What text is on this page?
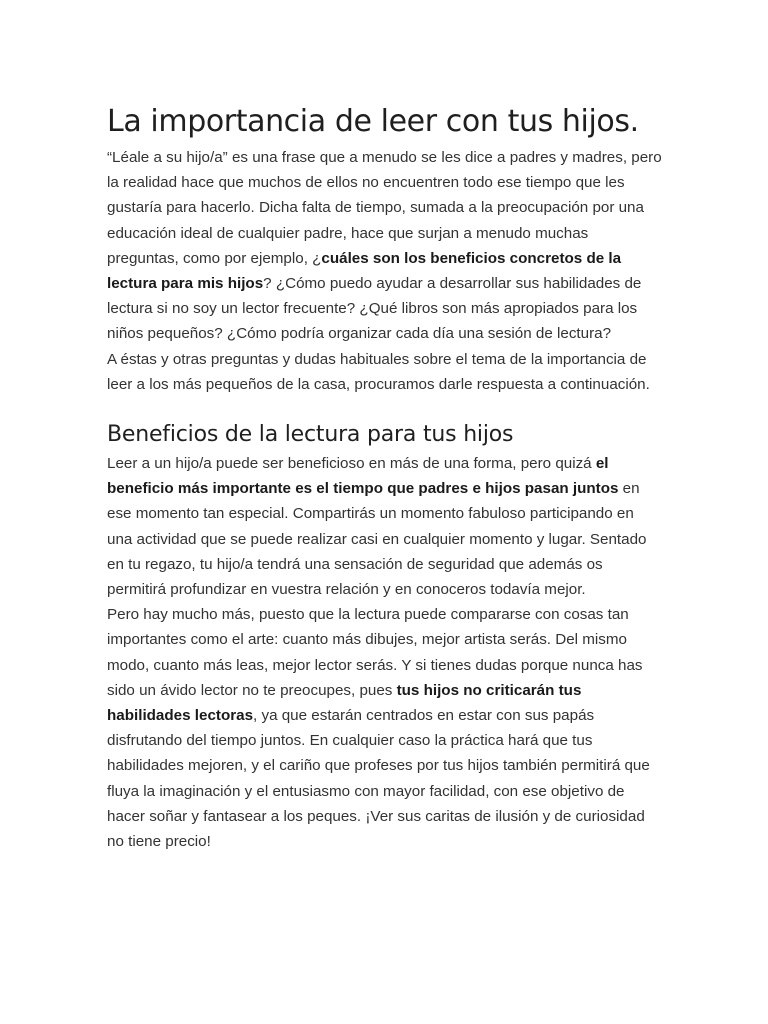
La importancia de leer con tus hijos.

“Léale a su hijo/a” es una frase que a menudo se les dice a padres y madres, pero la realidad hace que muchos de ellos no encuentren todo ese tiempo que les gustaría para hacerlo. Dicha falta de tiempo, sumada a la preocupación por una educación ideal de cualquier padre, hace que surjan a menudo muchas preguntas, como por ejemplo, ¿cuáles son los beneficios concretos de la lectura para mis hijos? ¿Cómo puedo ayudar a desarrollar sus habilidades de lectura si no soy un lector frecuente? ¿Qué libros son más apropiados para los niños pequeños? ¿Cómo podría organizar cada día una sesión de lectura?

A éstas y otras preguntas y dudas habituales sobre el tema de la importancia de leer a los más pequeños de la casa, procuramos darle respuesta a continuación.

Beneficios de la lectura para tus hijos

Leer a un hijo/a puede ser beneficioso en más de una forma, pero quizá el beneficio más importante es el tiempo que padres e hijos pasan juntos en ese momento tan especial. Compartirás un momento fabuloso participando en una actividad que se puede realizar casi en cualquier momento y lugar. Sentado en tu regazo, tu hijo/a tendrá una sensación de seguridad que además os permitirá profundizar en vuestra relación y en conoceros todavía mejor.

Pero hay mucho más, puesto que la lectura puede compararse con cosas tan importantes como el arte: cuanto más dibujes, mejor artista serás. Del mismo modo, cuanto más leas, mejor lector serás. Y si tienes dudas porque nunca has sido un ávido lector no te preocupes, pues tus hijos no criticarán tus habilidades lectoras, ya que estarán centrados en estar con sus papás disfrutando del tiempo juntos. En cualquier caso la práctica hará que tus habilidades mejoren, y el cariño que profeses por tus hijos también permitirá que fluya la imaginación y el entusiasmo con mayor facilidad, con ese objetivo de hacer soñar y fantasear a los peques. ¡Ver sus caritas de ilusión y de curiosidad no tiene precio!
